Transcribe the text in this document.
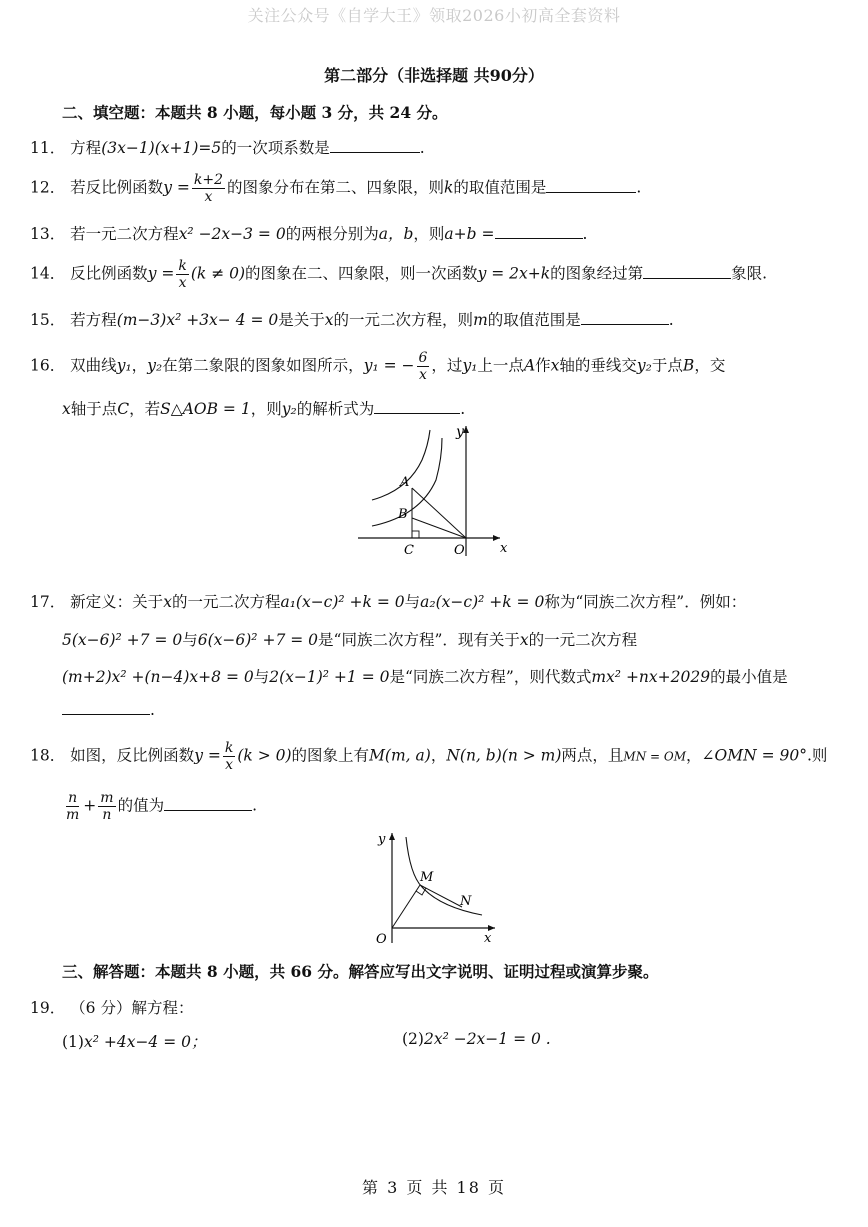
关注公众号《自学大王》领取2026小初高全套资料
第二部分（非选择题 共90分）
二、填空题：本题共 8 小题，每小题 3 分，共 24 分。
11． 方程(3x−1)(x+1)=5的一次项系数是	.
12． 若反比例函数$y = \frac{k+2}{x}$ 的图象分布在第二、四象限，则k的取值范围是	.
13． 若一元二次方程x² −2x−3 = 0的两根分别为a，b，则a+b =	.
14． 反比例函数$y = \frac{k}{x} (k \ne 0)$的图象在二、四象限，则一次函数y = 2x+k的图象经过第	象限.
15． 若方程(m−3)x² +3x− 4 = 0是关于x的一元二次方程，则m的取值范围是	.
16． 双曲线y₁，y₂在第二象限的图象如图所示，y₁ = − $\frac{6}{x}$ ，过y₁上一点A作x轴的垂线交y₂于点B，交
x轴于点C，若S△AOB = 1，则y₂的解析式为	.
y
A
B
C	O	x
17． 新定义：关于x的一元二次方程a₁(x−c)² +k = 0与a₂(x−c)² +k = 0称为“同族二次方程”．例如：
5(x−6)² +7 = 0与6(x−6)² +7 = 0是“同族二次方程”．现有关于x的一元二次方程
(m+2)x² +(n−4)x+8 = 0与2(x−1)² +1 = 0是“同族二次方程”，则代数式mx² +nx+2029的最小值是
.
18． 如图，反比例函数$y = \frac{k}{x} (k > 0)$的图象上有M(m, a)，N(n, b)(n > m)两点，且MN = OM，∠OMN = 90°.则
$\frac{n}{m} + \frac{m}{n}$ 的值为	.
y
M
N
O	x
三、解答题：本题共 8 小题，共 66 分。解答应写出文字说明、证明过程或演算步聚。
19． （6 分）解方程：
(1)x² +4x−4 = 0；	(2)2x² −2x−1 = 0 .
第 3 页 共 18 页
